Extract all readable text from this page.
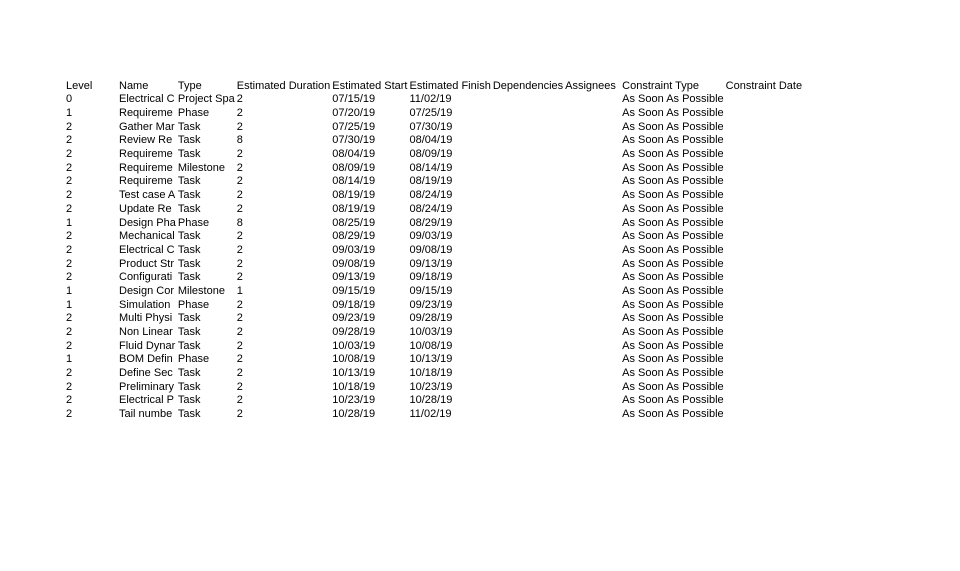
Level	Name	Type	Estimated Duration	Estimated Start	Estimated Finish	Dependencies	Assignees	Constraint Type	Constraint Date
0	Electrical C	Project Spa	2	07/15/19	11/02/19			As Soon As Possible	
1	Requireme	Phase	2	07/20/19	07/25/19			As Soon As Possible	
2	Gather Mar	Task	2	07/25/19	07/30/19			As Soon As Possible	
2	Review Re	Task	8	07/30/19	08/04/19			As Soon As Possible	
2	Requireme	Task	2	08/04/19	08/09/19			As Soon As Possible	
2	Requireme	Milestone	2	08/09/19	08/14/19			As Soon As Possible	
2	Requireme	Task	2	08/14/19	08/19/19			As Soon As Possible	
2	Test case A	Task	2	08/19/19	08/24/19			As Soon As Possible	
2	Update Re	Task	2	08/19/19	08/24/19			As Soon As Possible	
1	Design Pha	Phase	8	08/25/19	08/29/19			As Soon As Possible	
2	Mechanical	Task	2	08/29/19	09/03/19			As Soon As Possible	
2	Electrical C	Task	2	09/03/19	09/08/19			As Soon As Possible	
2	Product Str	Task	2	09/08/19	09/13/19			As Soon As Possible	
2	Configurati	Task	2	09/13/19	09/18/19			As Soon As Possible	
1	Design Cor	Milestone	1	09/15/19	09/15/19			As Soon As Possible	
1	Simulation	Phase	2	09/18/19	09/23/19			As Soon As Possible	
2	Multi Physi	Task	2	09/23/19	09/28/19			As Soon As Possible	
2	Non Linear	Task	2	09/28/19	10/03/19			As Soon As Possible	
2	Fluid Dynar	Task	2	10/03/19	10/08/19			As Soon As Possible	
1	BOM Defin	Phase	2	10/08/19	10/13/19			As Soon As Possible	
2	Define Sec	Task	2	10/13/19	10/18/19			As Soon As Possible	
2	Preliminary	Task	2	10/18/19	10/23/19			As Soon As Possible	
2	Electrical P	Task	2	10/23/19	10/28/19			As Soon As Possible	
2	Tail numbe	Task	2	10/28/19	11/02/19			As Soon As Possible	
